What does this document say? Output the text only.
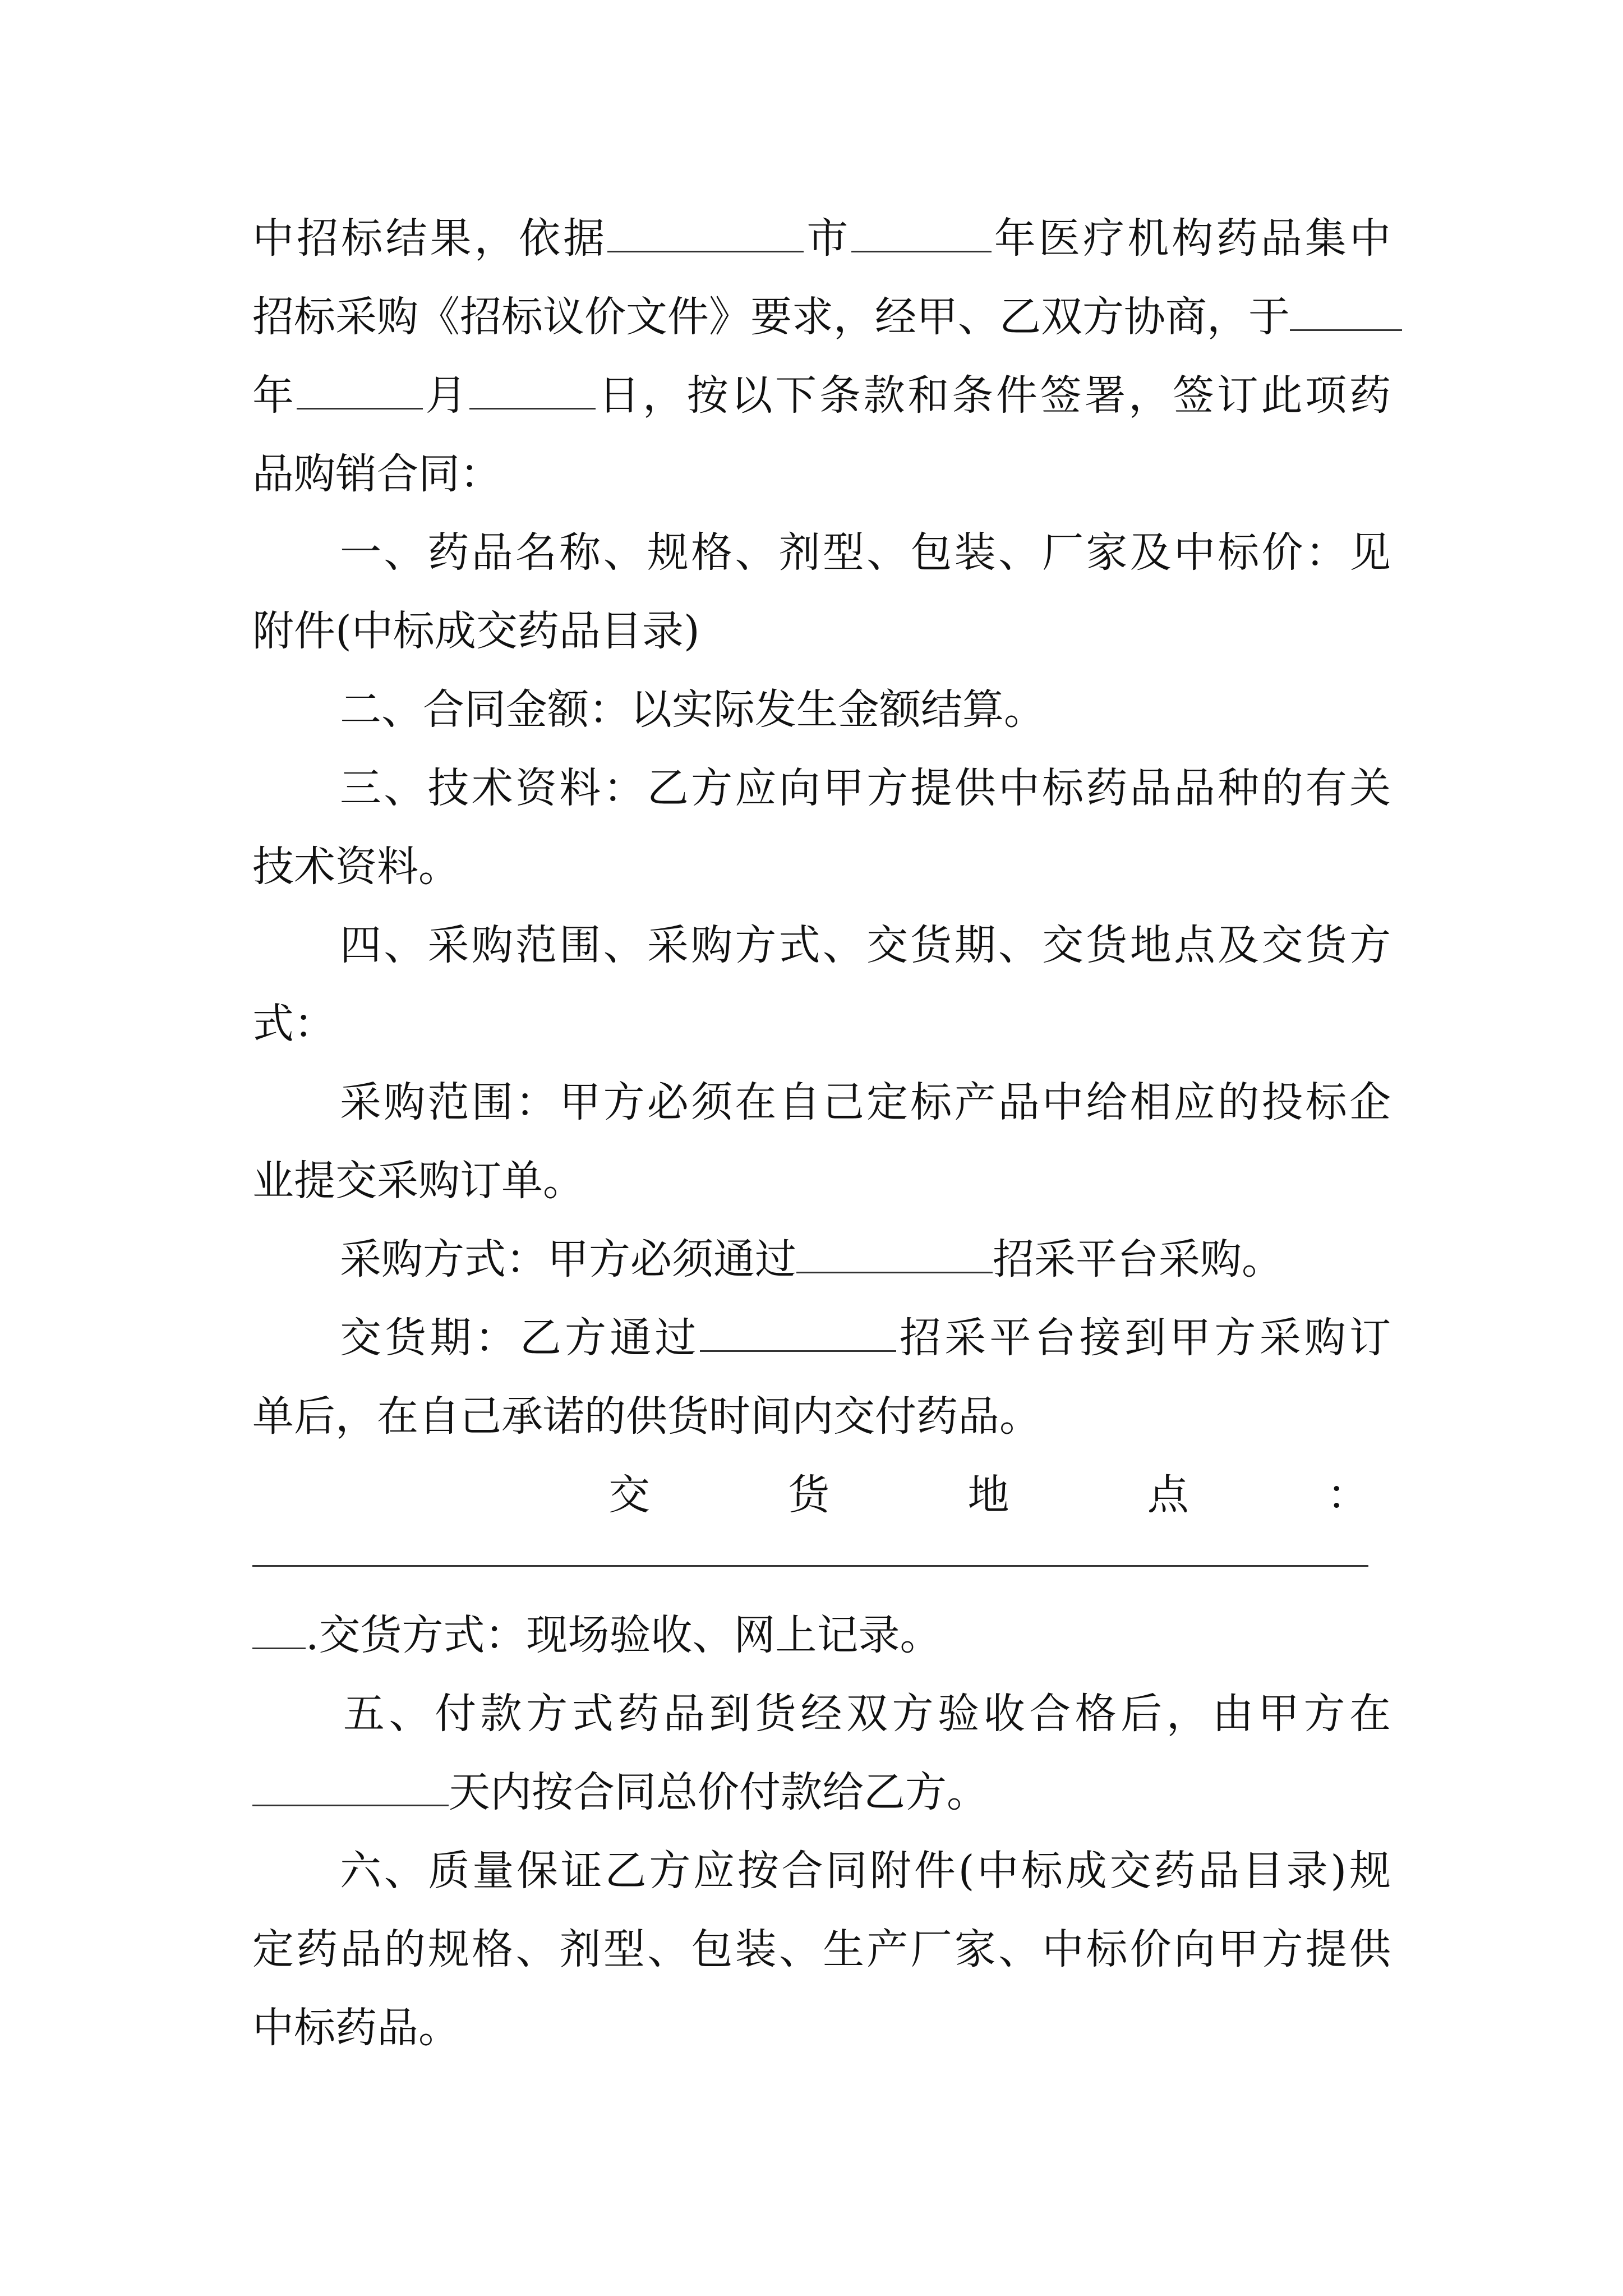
中招标结果，依据	市	年医疗机构药品集中
招标采购《招标议价文件》要求，经甲、乙双方协商，于
年	月	日，按以下条款和条件签署，签订此项药
品购销合同：
一、药品名称、规格、剂型、包装、厂家及中标价：见
附件(中标成交药品目录)
二、合同金额：以实际发生金额结算。
三、技术资料：乙方应向甲方提供中标药品品种的有关
技术资料。
四、采购范围、采购方式、交货期、交货地点及交货方
式：
采购范围：甲方必须在自己定标产品中给相应的投标企
业提交采购订单。
采购方式：甲方必须通过	招采平台采购。
交货期：乙方通过	招采平台接到甲方采购订
单后，在自己承诺的供货时间内交付药品。
交	货	地	点	：
.交货方式：现场验收、网上记录。
五、付款方式药品到货经双方验收合格后，由甲方在
天内按合同总价付款给乙方。
六、质量保证乙方应按合同附件(中标成交药品目录)规
定药品的规格、剂型、包装、生产厂家、中标价向甲方提供
中标药品。
